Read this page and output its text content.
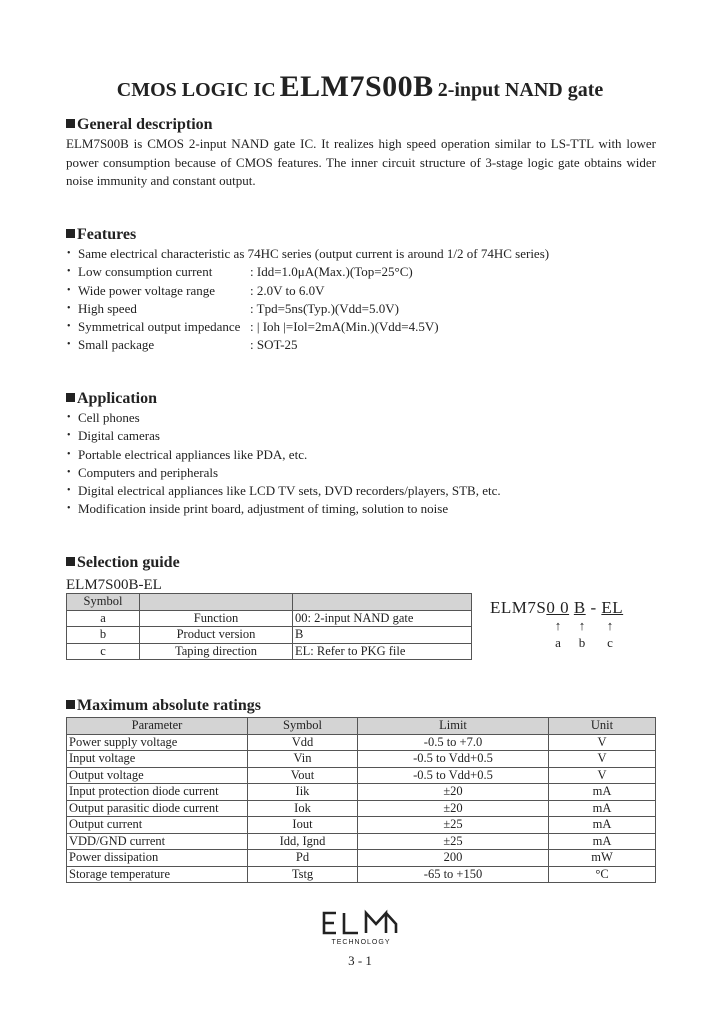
CMOS LOGIC IC ELM7S00B 2-input NAND gate
General description
ELM7S00B is CMOS 2-input NAND gate IC. It realizes high speed operation similar to LS-TTL with lower power consumption because of CMOS features. The inner circuit structure of 3-stage logic gate obtains wider noise immunity and constant output.
Features
• Same electrical characteristic as 74HC series (output current is around 1/2 of 74HC series)
• Low consumption current	: Idd=1.0μA(Max.)(Top=25°C)
• Wide power voltage range	: 2.0V to 6.0V
• High speed	: Tpd=5ns(Typ.)(Vdd=5.0V)
• Symmetrical output impedance : | Ioh |=Iol=2mA(Min.)(Vdd=4.5V)
• Small package	: SOT-25
Application
• Cell phones
• Digital cameras
• Portable electrical appliances like PDA, etc.
• Computers and peripherals
• Digital electrical appliances like LCD TV sets, DVD recorders/players, STB, etc.
• Modification inside print board, adjustment of timing, solution to noise
Selection guide
ELM7S00B-EL
Symbol		
a	Function	00: 2-input NAND gate
b	Product version	B
c	Taping direction	EL: Refer to PKG file
ELM7S0 0 B - EL
↑
a
↑
b
↑
c
Maximum absolute ratings
Parameter	Symbol	Limit	Unit
Power supply voltage	Vdd	-0.5 to +7.0	V
Input voltage	Vin	-0.5 to Vdd+0.5	V
Output voltage	Vout	-0.5 to Vdd+0.5	V
Input protection diode current	Iik	±20	mA
Output parasitic diode current	Iok	±20	mA
Output current	Iout	±25	mA
VDD/GND current	Idd, Ignd	±25	mA
Power dissipation	Pd	200	mW
Storage temperature	Tstg	-65 to +150	°C
TECHNOLOGY
3 - 1
